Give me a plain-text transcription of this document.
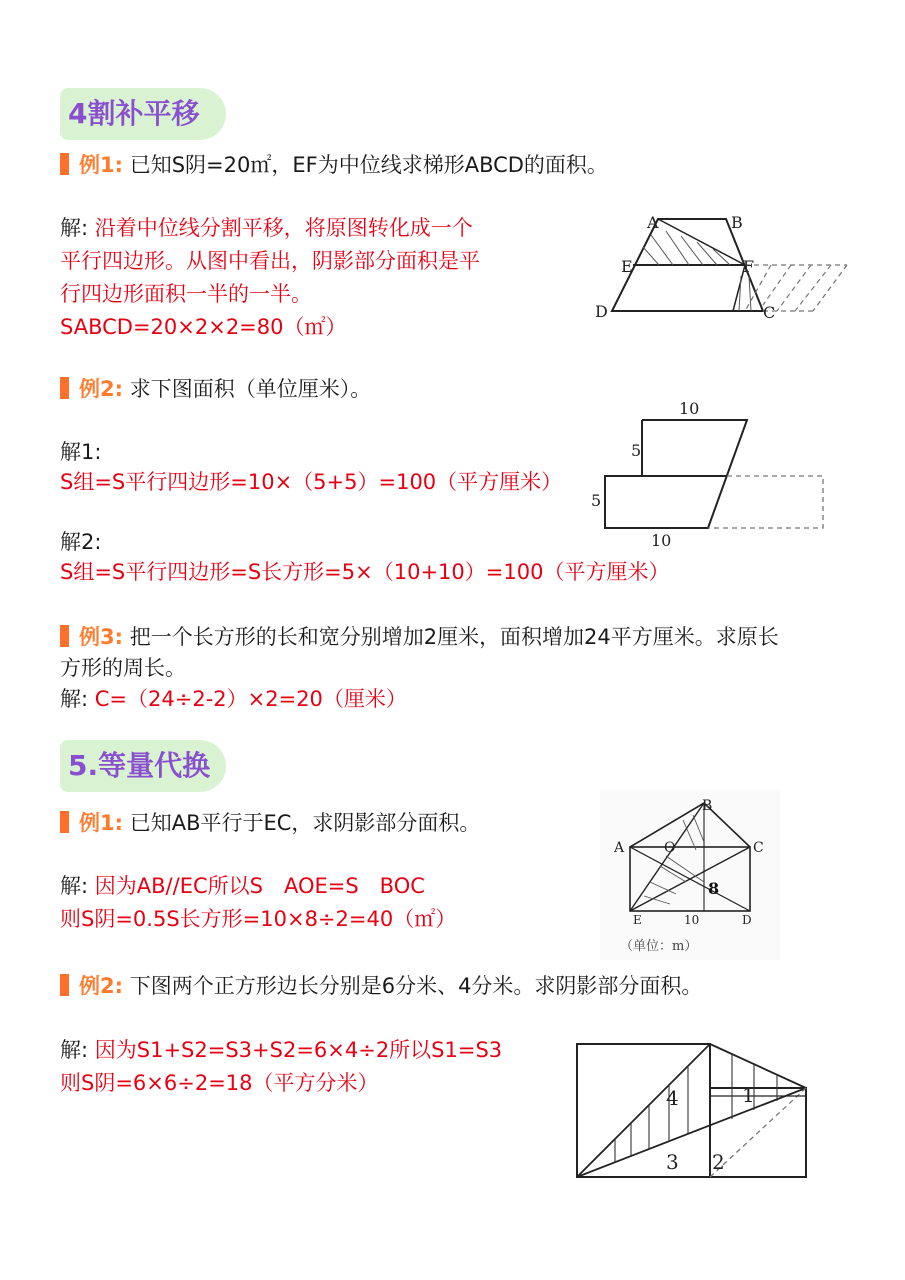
4割补平移
例1: 已知S阴=20㎡，EF为中位线求梯形ABCD的面积。
解: 沿着中位线分割平移，将原图转化成一个
平行四边形。从图中看出，阴影部分面积是平
行四边形面积一半的一半。
SABCD=20×2×2=80（㎡）
A	B
E	F
D	C
例2: 求下图面积（单位厘米）。
解1:
S组=S平行四边形=10×（5+5）=100（平方厘米）
解2:
S组=S平行四边形=S长方形=5×（10+10）=100（平方厘米）
10
5
5
10
例3: 把一个长方形的长和宽分别增加2厘米，面积增加24平方厘米。求原长
方形的周长。
解: C=（24÷2-2）×2=20（厘米）
5.等量代换
例1: 已知AB平行于EC，求阴影部分面积。
解: 因为AB//EC所以S　AOE=S　BOC
则S阴=0.5S长方形=10×8÷2=40（㎡）
B
A	O	C
8
E	10	D
（单位：m）
例2: 下图两个正方形边长分别是6分米、4分米。求阴影部分面积。
解: 因为S1+S2=S3+S2=6×4÷2所以S1=S3
则S阴=6×6÷2=18（平方分米）
4	1
3 2
